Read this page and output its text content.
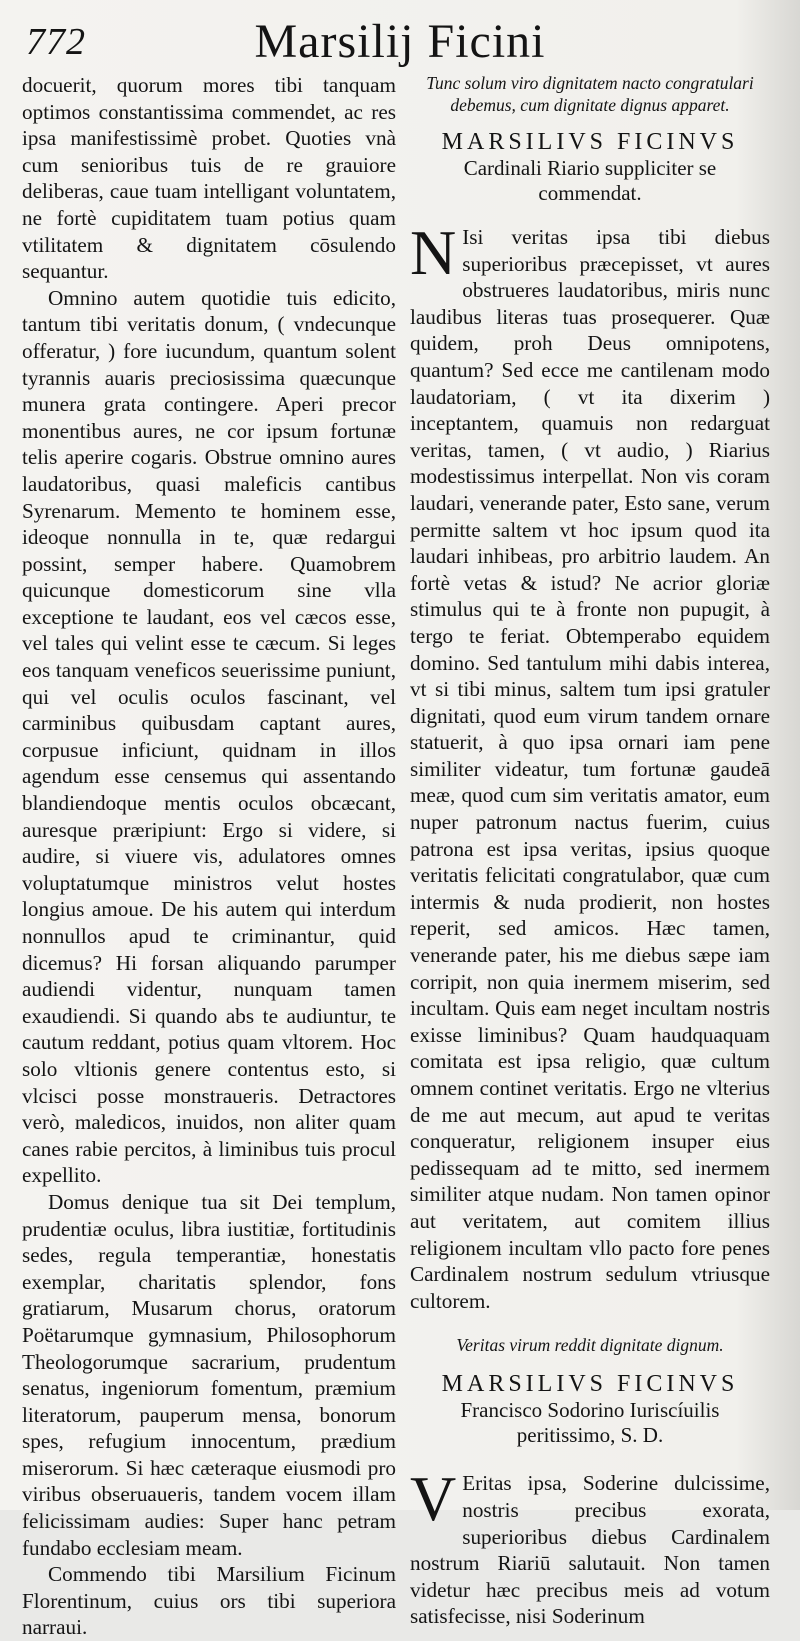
772	Marsilij Ficini

docuerit, quorum mores tibi tanquam optimos constantissima commendet, ac res ipsa manifestissimè probet. Quoties vnà cum senioribus tuis de re grauiore deliberas, caue tuam intelligant voluntatem, ne fortè cupiditatem tuam potius quam vtilitatem & dignitatem cōsulendo sequantur.

Omnino autem quotidie tuis edicito, tantum tibi veritatis donum, ( vndecunque offeratur, ) fore iucundum, quantum solent tyrannis auaris preciosissima quæcunque munera grata contingere. Aperi precor monentibus aures, ne cor ipsum fortunæ telis aperire cogaris. Obstrue omnino aures laudatoribus, quasi maleficis cantibus Syrenarum. Memento te hominem esse, ideoque nonnulla in te, quæ redargui possint, semper habere. Quamobrem quicunque domesticorum sine vlla exceptione te laudant, eos vel cæcos esse, vel tales qui velint esse te cæcum. Si leges eos tanquam veneficos seuerissime puniunt, qui vel oculis oculos fascinant, vel carminibus quibusdam captant aures, corpusue inficiunt, quidnam in illos agendum esse censemus qui assentando blandiendoque mentis oculos obcæcant, auresque præripiunt: Ergo si videre, si audire, si viuere vis, adulatores omnes voluptatumque ministros velut hostes longius amoue. De his autem qui interdum nonnullos apud te criminantur, quid dicemus? Hi forsan aliquando parumper audiendi videntur, nunquam tamen exaudiendi. Si quando abs te audiuntur, te cautum reddant, potius quam vltorem. Hoc solo vltionis genere contentus esto, si vlcisci posse monstraueris. Detractores verò, maledicos, inuidos, non aliter quam canes rabie percitos, à liminibus tuis procul expellito.

Domus denique tua sit Dei templum, prudentiæ oculus, libra iustitiæ, fortitudinis sedes, regula temperantiæ, honestatis exemplar, charitatis splendor, fons gratiarum, Musarum chorus, oratorum Poëtarumque gymnasium, Philosophorum Theologorumque sacrarium, prudentum senatus, ingeniorum fomentum, præmium literatorum, pauperum mensa, bonorum spes, refugium innocentum, prædium miserorum. Si hæc cæteraque eiusmodi pro viribus obseruaueris, tandem vocem illam felicissimam audies: Super hanc petram fundabo ecclesiam meam.

Commendo tibi Marsilium Ficinum Florentinum, cuius ors tibi superiora narraui.

Tunc solum viro dignitatem nacto congratulari debemus, cum dignitate dignus apparet.

MARSILIVS FICINVS
Cardinali Riario suppliciter se commendat.

N Isi veritas ipsa tibi diebus superioribus præcepisset, vt aures obstrueres laudatoribus, miris nunc laudibus literas tuas prosequerer. Quæ quidem, proh Deus omnipotens, quantum? Sed ecce me cantilenam modo laudatoriam, ( vt ita dixerim ) inceptantem, quamuis non redarguat veritas, tamen, ( vt audio, ) Riarius modestissimus interpellat. Non vis coram laudari, venerande pater, Esto sane, verum permitte saltem vt hoc ipsum quod ita laudari inhibeas, pro arbitrio laudem. An fortè vetas & istud? Ne acrior gloriæ stimulus qui te à fronte non pupugit, à tergo te feriat. Obtemperabo equidem domino. Sed tantulum mihi dabis interea, vt si tibi minus, saltem tum ipsi gratuler dignitati, quod eum virum tandem ornare statuerit, à quo ipsa ornari iam pene similiter videatur, tum fortunæ gaudeā meæ, quod cum sim veritatis amator, eum nuper patronum nactus fuerim, cuius patrona est ipsa veritas, ipsius quoque veritatis felicitati congratulabor, quæ cum intermis & nuda prodierit, non hostes reperit, sed amicos. Hæc tamen, venerande pater, his me diebus sæpe iam corripit, non quia inermem miserim, sed incultam. Quis eam neget incultam nostris exisse liminibus? Quam haudquaquam comitata est ipsa religio, quæ cultum omnem continet veritatis. Ergo ne vlterius de me aut mecum, aut apud te veritas conqueratur, religionem insuper eius pedissequam ad te mitto, sed inermem similiter atque nudam. Non tamen opinor aut veritatem, aut comitem illius religionem incultam vllo pacto fore penes Cardinalem nostrum sedulum vtriusque cultorem.

Veritas virum reddit dignitate dignum.

MARSILIVS FICINVS
Francisco Sodorino Iuriscíuilis peritissimo, S. D.

V Eritas ipsa, Soderine dulcissime, nostris precibus exorata, superioribus diebus Cardinalem nostrum Riariū salutauit. Non tamen videtur hæc precibus meis ad votum satisfecisse, nisi Soderinum
